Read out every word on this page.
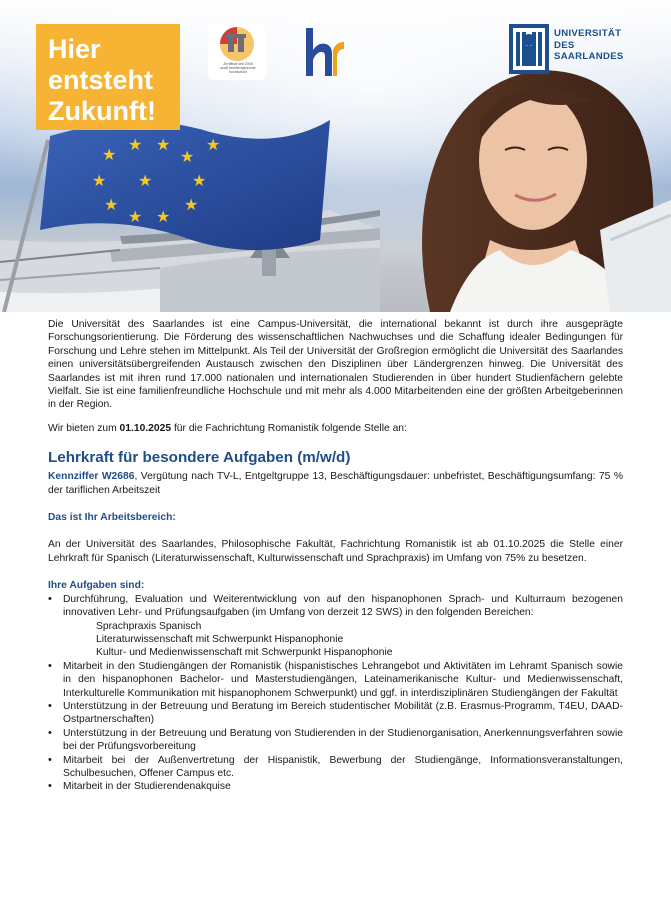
★
★ ★
★
★
★
★
★
★
★
★
★
Hier
entsteht
Zukunft!
Zertifikat seit 2006
audit familiengerechte
hochschule
UNIVERSITÄT
DES
SAARLANDES

Die Universität des Saarlandes ist eine Campus-Universität, die international bekannt ist durch ihre ausgeprägte Forschungsorientierung. Die Förderung des wissenschaftlichen Nachwuchses und die Schaffung idealer Bedingungen für Forschung und Lehre stehen im Mittelpunkt. Als Teil der Universität der Großregion ermöglicht die Universität des Saarlandes einen universitätsübergreifenden Austausch zwischen den Disziplinen über Ländergrenzen hinweg. Die Universität des Saarlandes ist mit ihren rund 17.000 nationalen und internationalen Studierenden in über hundert Studienfächern gelebte Vielfalt. Sie ist eine familienfreundliche Hochschule und mit mehr als 4.000 Mitarbeitenden eine der größten Arbeitgeberinnen in der Region.

Wir bieten zum 01.10.2025 für die Fachrichtung Romanistik folgende Stelle an:

Lehrkraft für besondere Aufgaben (m/w/d)

Kennziffer W2686, Vergütung nach TV-L, Entgeltgruppe 13, Beschäftigungsdauer: unbefristet, Beschäftigungsumfang: 75 % der tariflichen Arbeitszeit

Das ist Ihr Arbeitsbereich:

An der Universität des Saarlandes, Philosophische Fakultät, Fachrichtung Romanistik ist ab 01.10.2025 die Stelle einer Lehrkraft für Spanisch (Literaturwissenschaft, Kulturwissenschaft und Sprachpraxis) im Umfang von 75% zu besetzen.

Ihre Aufgaben sind:
• Durchführung, Evaluation und Weiterentwicklung von auf den hispanophonen Sprach- und Kulturraum bezogenen innovativen Lehr- und Prüfungsaufgaben (im Umfang von derzeit 12 SWS) in den folgenden Bereichen:
Sprachpraxis Spanisch
Literaturwissenschaft mit Schwerpunkt Hispanophonie
Kultur- und Medienwissenschaft mit Schwerpunkt Hispanophonie
• Mitarbeit in den Studiengängen der Romanistik (hispanistisches Lehrangebot und Aktivitäten im Lehramt Spanisch sowie in den hispanophonen Bachelor- und Masterstudiengängen, Lateinamerikanische Kultur- und Medienwissenschaft, Interkulturelle Kommunikation mit hispanophonem Schwerpunkt) und ggf. in interdisziplinären Studiengängen der Fakultät
• Unterstützung in der Betreuung und Beratung im Bereich studentischer Mobilität (z.B. Erasmus-Programm, T4EU, DAAD-Ostpartnerschaften)
• Unterstützung in der Betreuung und Beratung von Studierenden in der Studienorganisation, Anerkennungsverfahren sowie bei der Prüfungsvorbereitung
• Mitarbeit bei der Außenvertretung der Hispanistik, Bewerbung der Studiengänge, Informationsveranstaltungen, Schulbesuchen, Offener Campus etc.
• Mitarbeit in der Studierendenakquise
